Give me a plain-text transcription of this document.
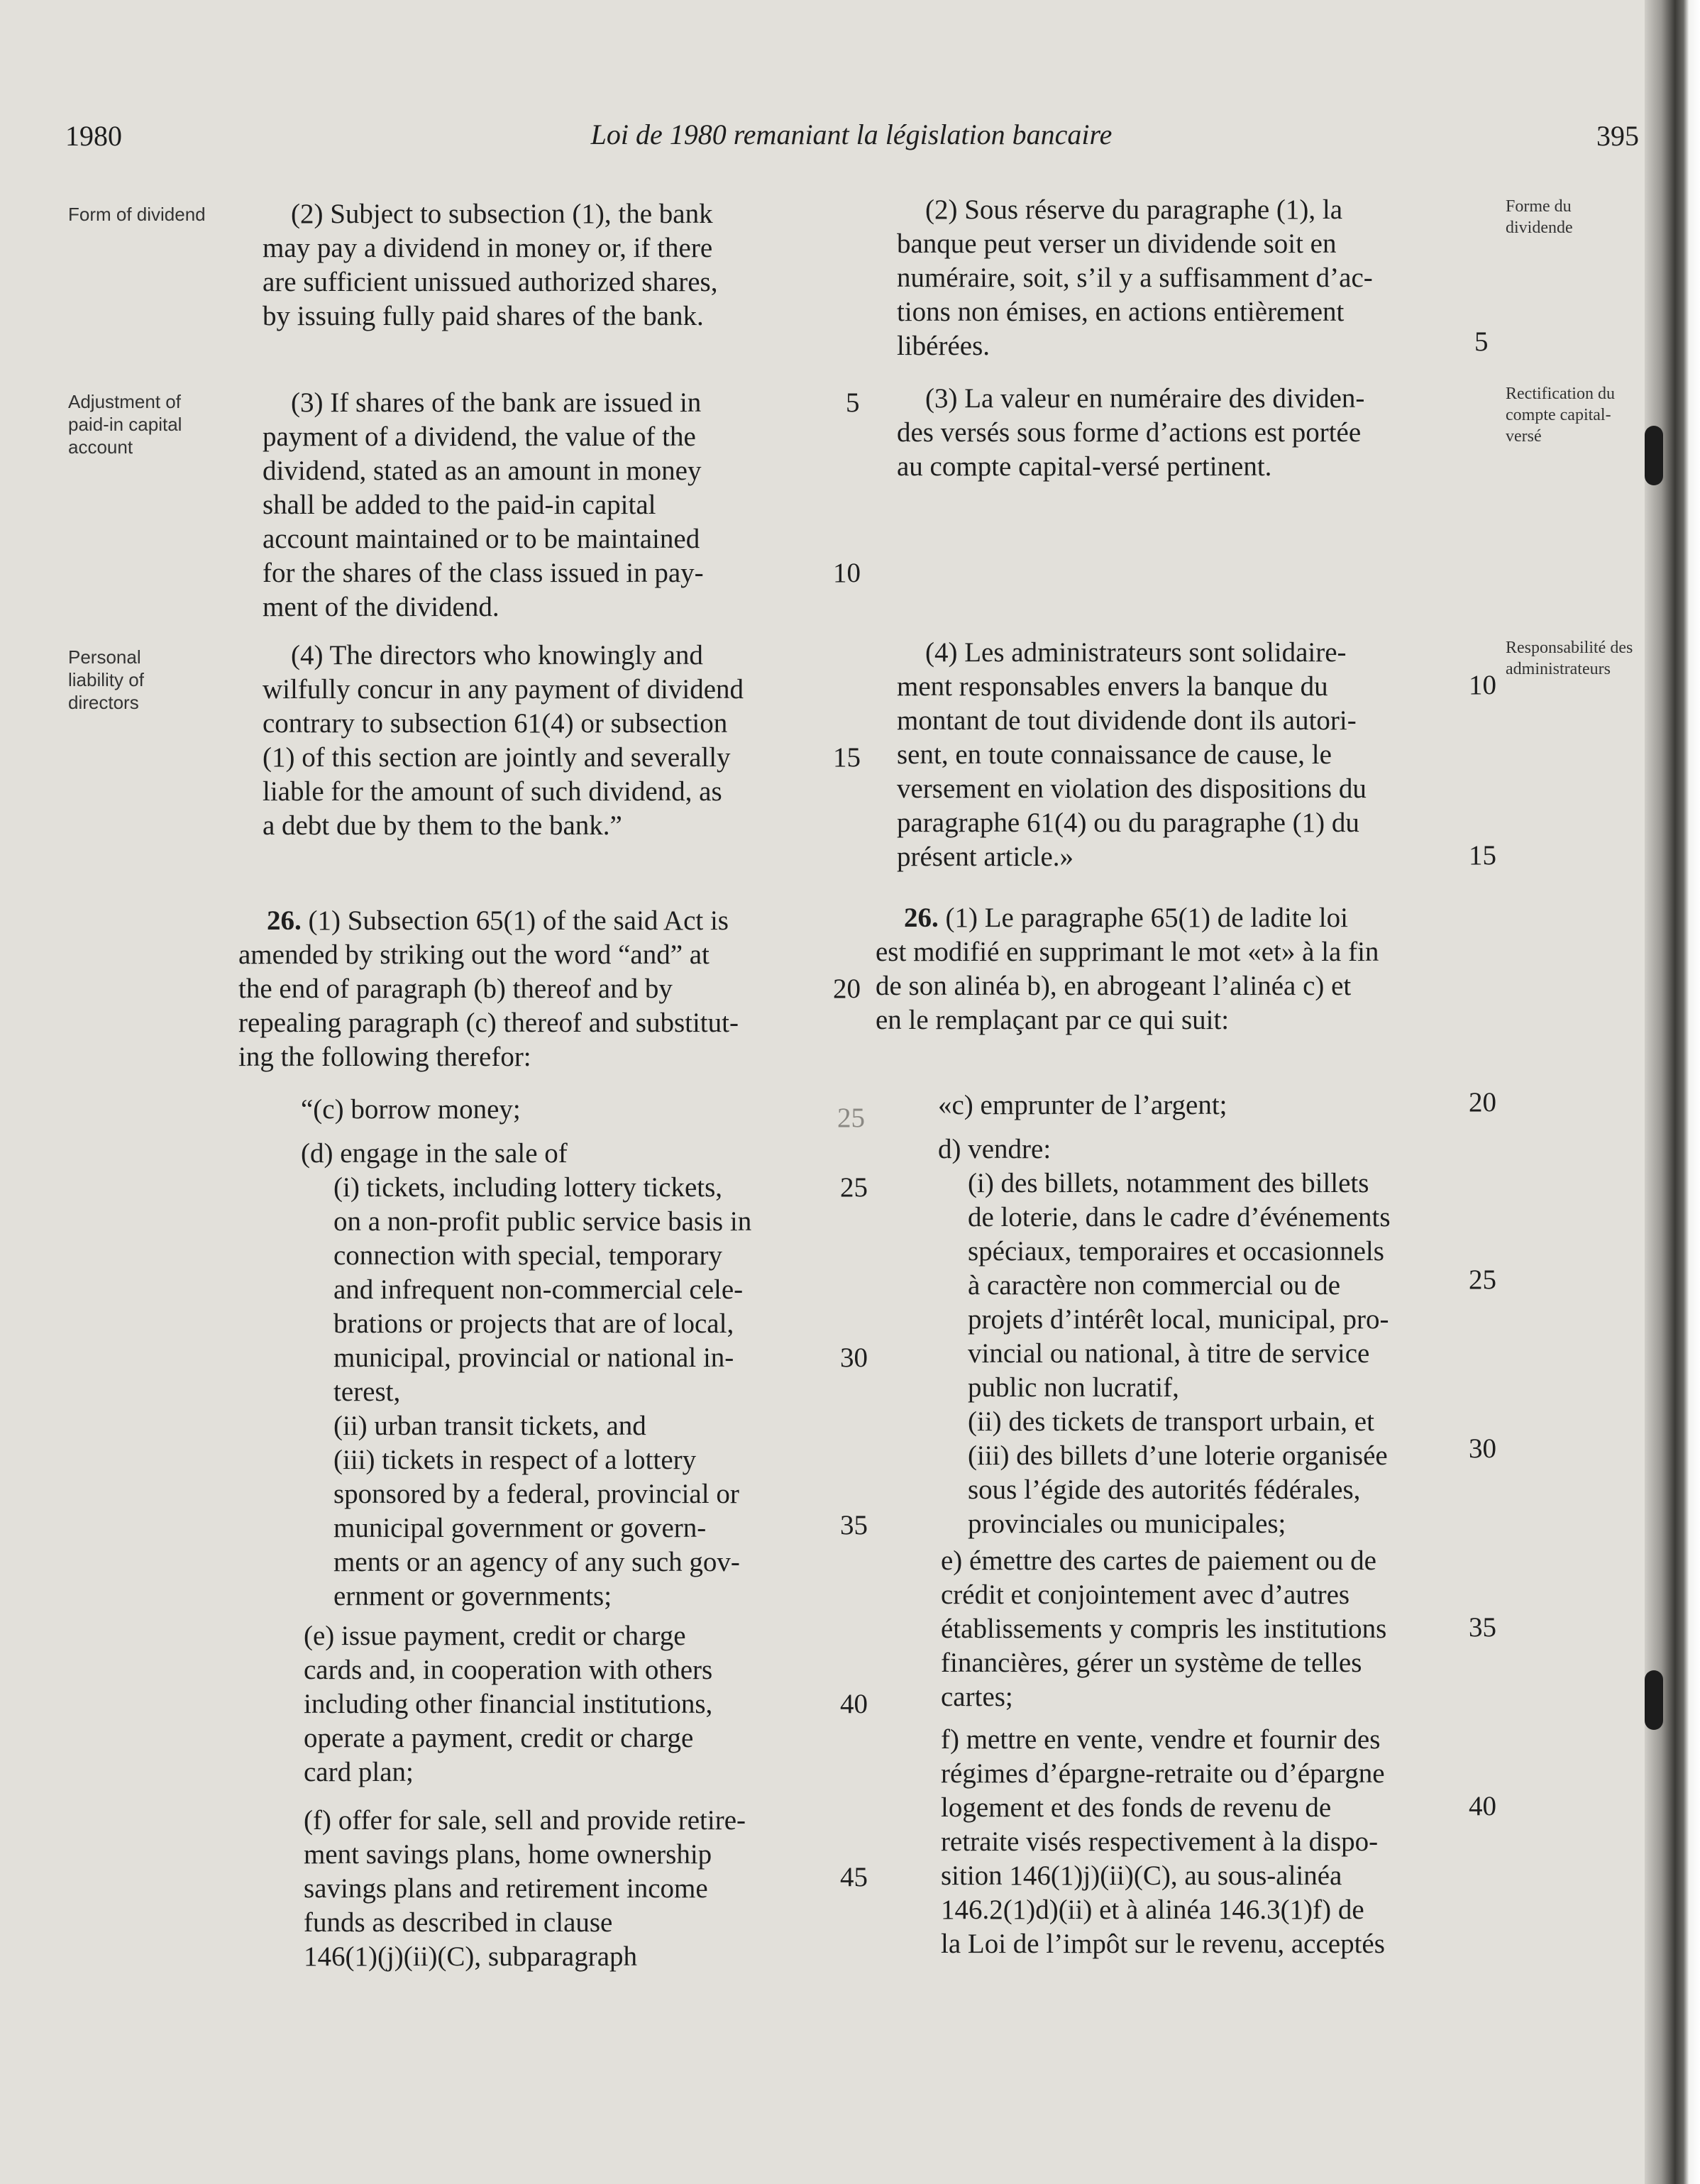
1980	Loi de 1980 remaniant la législation bancaire	395
Form of dividend
Adjustment of paid-in capital account
Personal liability of directors
Forme du dividende
Rectification du compte capital-versé
Responsabilité des administrateurs
(2) Subject to subsection (1), the bank
may pay a dividend in money or, if there
are sufficient unissued authorized shares,
by issuing fully paid shares of the bank.
(3) If shares of the bank are issued in
payment of a dividend, the value of the
dividend, stated as an amount in money
shall be added to the paid-in capital
account maintained or to be maintained
for the shares of the class issued in pay-
ment of the dividend.
(4) The directors who knowingly and
wilfully concur in any payment of dividend
contrary to subsection 61(4) or subsection
(1) of this section are jointly and severally
liable for the amount of such dividend, as
a debt due by them to the bank.”
26. (1) Subsection 65(1) of the said Act is
amended by striking out the word “and” at
the end of paragraph (b) thereof and by
repealing paragraph (c) thereof and substitut-
ing the following therefor:
“(c) borrow money;
(d) engage in the sale of
(i) tickets, including lottery tickets,
on a non-profit public service basis in
connection with special, temporary
and infrequent non-commercial cele-
brations or projects that are of local,
municipal, provincial or national in-
terest,
(ii) urban transit tickets, and
(iii) tickets in respect of a lottery
sponsored by a federal, provincial or
municipal government or govern-
ments or an agency of any such gov-
ernment or governments;
(e) issue payment, credit or charge
cards and, in cooperation with others
including other financial institutions,
operate a payment, credit or charge
card plan;
(f) offer for sale, sell and provide retire-
ment savings plans, home ownership
savings plans and retirement income
funds as described in clause
146(1)(j)(ii)(C), subparagraph
5
10
15
20
25
25
30
35
40
45
(2) Sous réserve du paragraphe (1), la
banque peut verser un dividende soit en
numéraire, soit, s’il y a suffisamment d’ac-
tions non émises, en actions entièrement
libérées.
(3) La valeur en numéraire des dividen-
des versés sous forme d’actions est portée
au compte capital-versé pertinent.
(4) Les administrateurs sont solidaire-
ment responsables envers la banque du
montant de tout dividende dont ils autori-
sent, en toute connaissance de cause, le
versement en violation des dispositions du
paragraphe 61(4) ou du paragraphe (1) du
présent article.»
26. (1) Le paragraphe 65(1) de ladite loi
est modifié en supprimant le mot «et» à la fin
de son alinéa b), en abrogeant l’alinéa c) et
en le remplaçant par ce qui suit:
«c) emprunter de l’argent;
d) vendre:
(i) des billets, notamment des billets
de loterie, dans le cadre d’événements
spéciaux, temporaires et occasionnels
à caractère non commercial ou de
projets d’intérêt local, municipal, pro-
vincial ou national, à titre de service
public non lucratif,
(ii) des tickets de transport urbain, et
(iii) des billets d’une loterie organisée
sous l’égide des autorités fédérales,
provinciales ou municipales;
e) émettre des cartes de paiement ou de
crédit et conjointement avec d’autres
établissements y compris les institutions
financières, gérer un système de telles
cartes;
f) mettre en vente, vendre et fournir des
régimes d’épargne-retraite ou d’épargne
logement et des fonds de revenu de
retraite visés respectivement à la dispo-
sition 146(1)j)(ii)(C), au sous-alinéa
146.2(1)d)(ii) et à alinéa 146.3(1)f) de
la Loi de l’impôt sur le revenu, acceptés
5
10
15
20
25
30
35
40
